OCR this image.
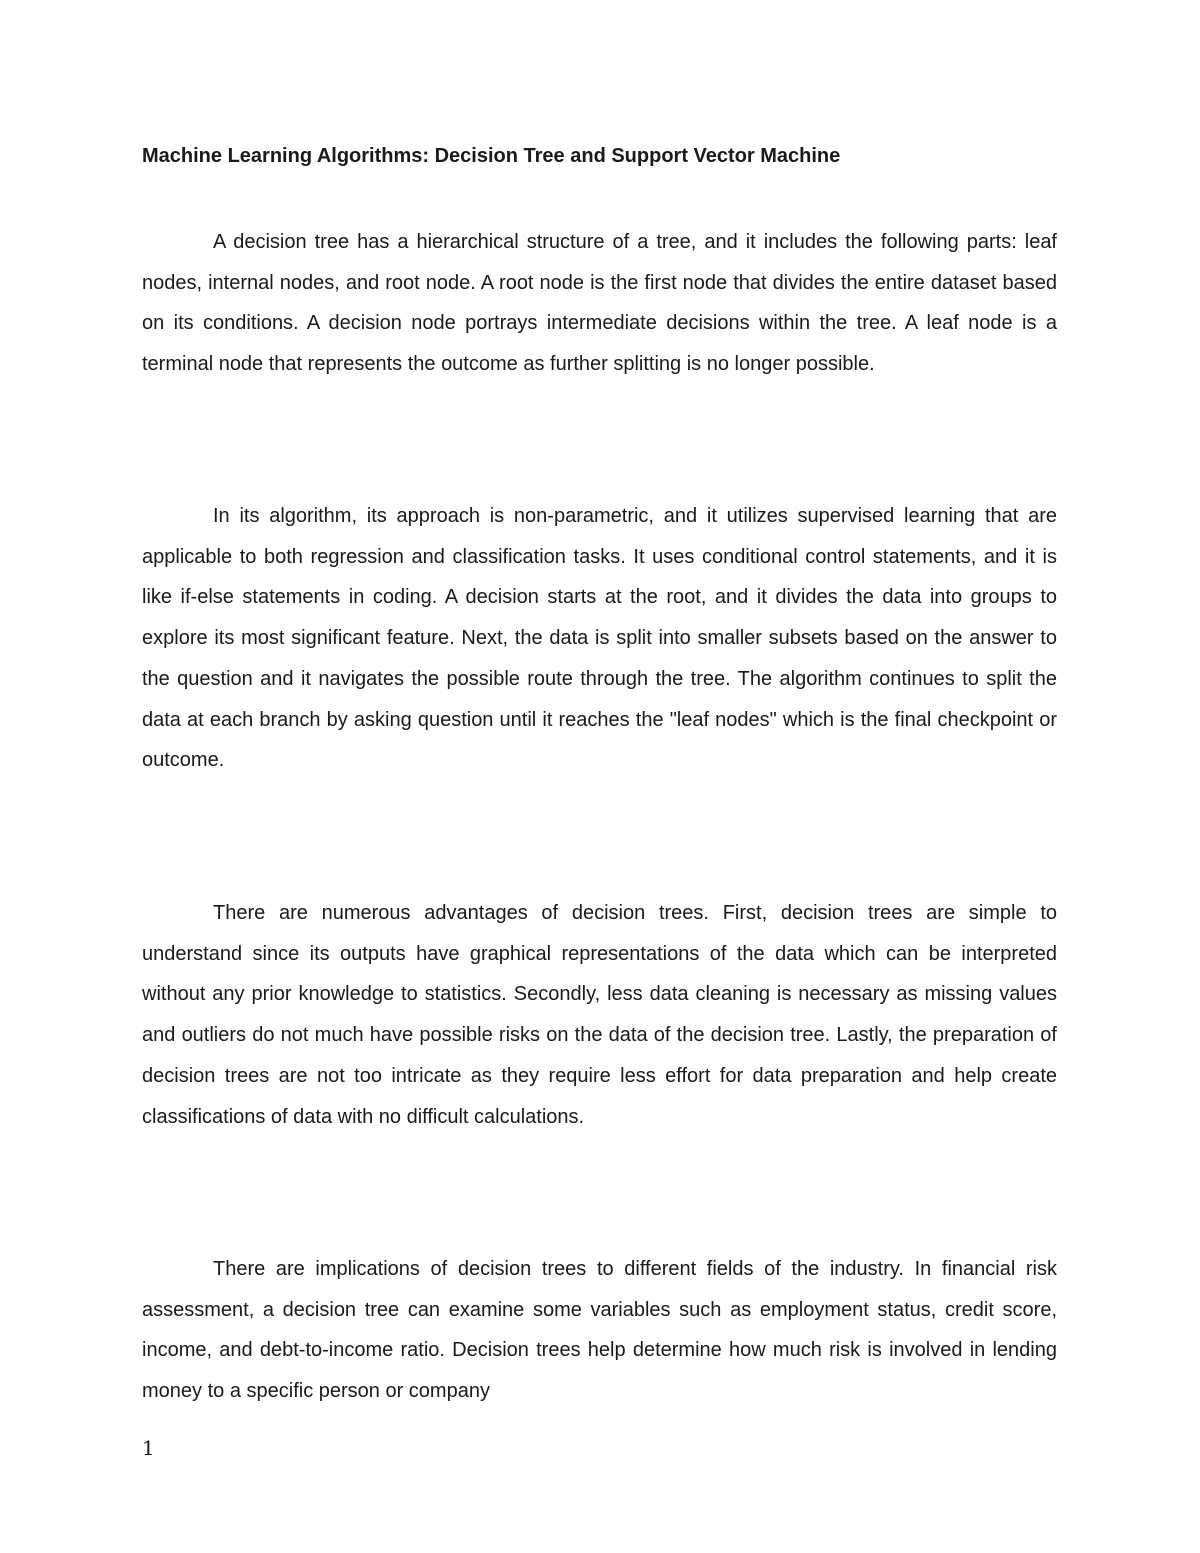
Machine Learning Algorithms: Decision Tree and Support Vector Machine

A decision tree has a hierarchical structure of a tree, and it includes the following parts: leaf nodes, internal nodes, and root node. A root node is the first node that divides the entire dataset based on its conditions. A decision node portrays intermediate decisions within the tree. A leaf node is a terminal node that represents the outcome as further splitting is no longer possible.

In its algorithm, its approach is non-parametric, and it utilizes supervised learning that are applicable to both regression and classification tasks. It uses conditional control statements, and it is like if-else statements in coding. A decision starts at the root, and it divides the data into groups to explore its most significant feature. Next, the data is split into smaller subsets based on the answer to the question and it navigates the possible route through the tree. The algorithm continues to split the data at each branch by asking question until it reaches the "leaf nodes" which is the final checkpoint or outcome.

There are numerous advantages of decision trees. First, decision trees are simple to understand since its outputs have graphical representations of the data which can be interpreted without any prior knowledge to statistics. Secondly, less data cleaning is necessary as missing values and outliers do not much have possible risks on the data of the decision tree. Lastly, the preparation of decision trees are not too intricate as they require less effort for data preparation and help create classifications of data with no difficult calculations.

There are implications of decision trees to different fields of the industry. In financial risk assessment, a decision tree can examine some variables such as employment status, credit score, income, and debt-to-income ratio. Decision trees help determine how much risk is involved in lending money to a specific person or company

1
